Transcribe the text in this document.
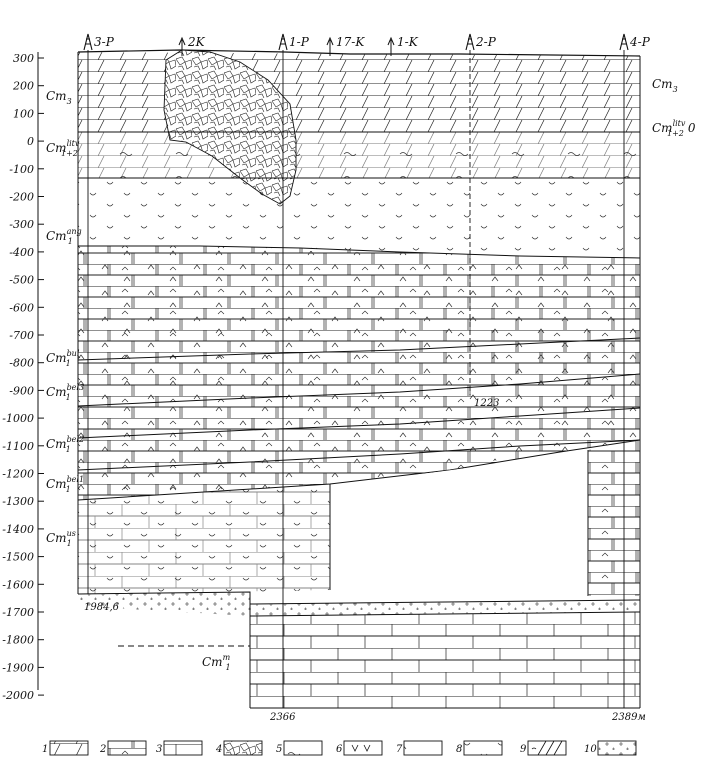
300
200
100
0
-100
-200
-300
-400
-500
-600
-700
-800
-900
-1000
-1100
-1200
-1300
-1400
-1500
-1600
-1700
-1800
-1900
-2000
3-P
1984,6
2K	1-P
2366
17-K	1-K	2-P
1223
4-P
2389м
$Cm_3$
$Cm^{litv}$ 1+2
$Cm^{ang}$ 1
$Cm^{bul}$ 1
$Cm^{bel3}$ 1
$Cm^{bel2}$ 1
$Cm^{bel1}$ 1
$Cm^{us}$ 1
$Cm_3$
$Cm^{litv}$ 1+2 0
Cm$^m$ 1
1	2	3	4	5	6	7	8	9	10
